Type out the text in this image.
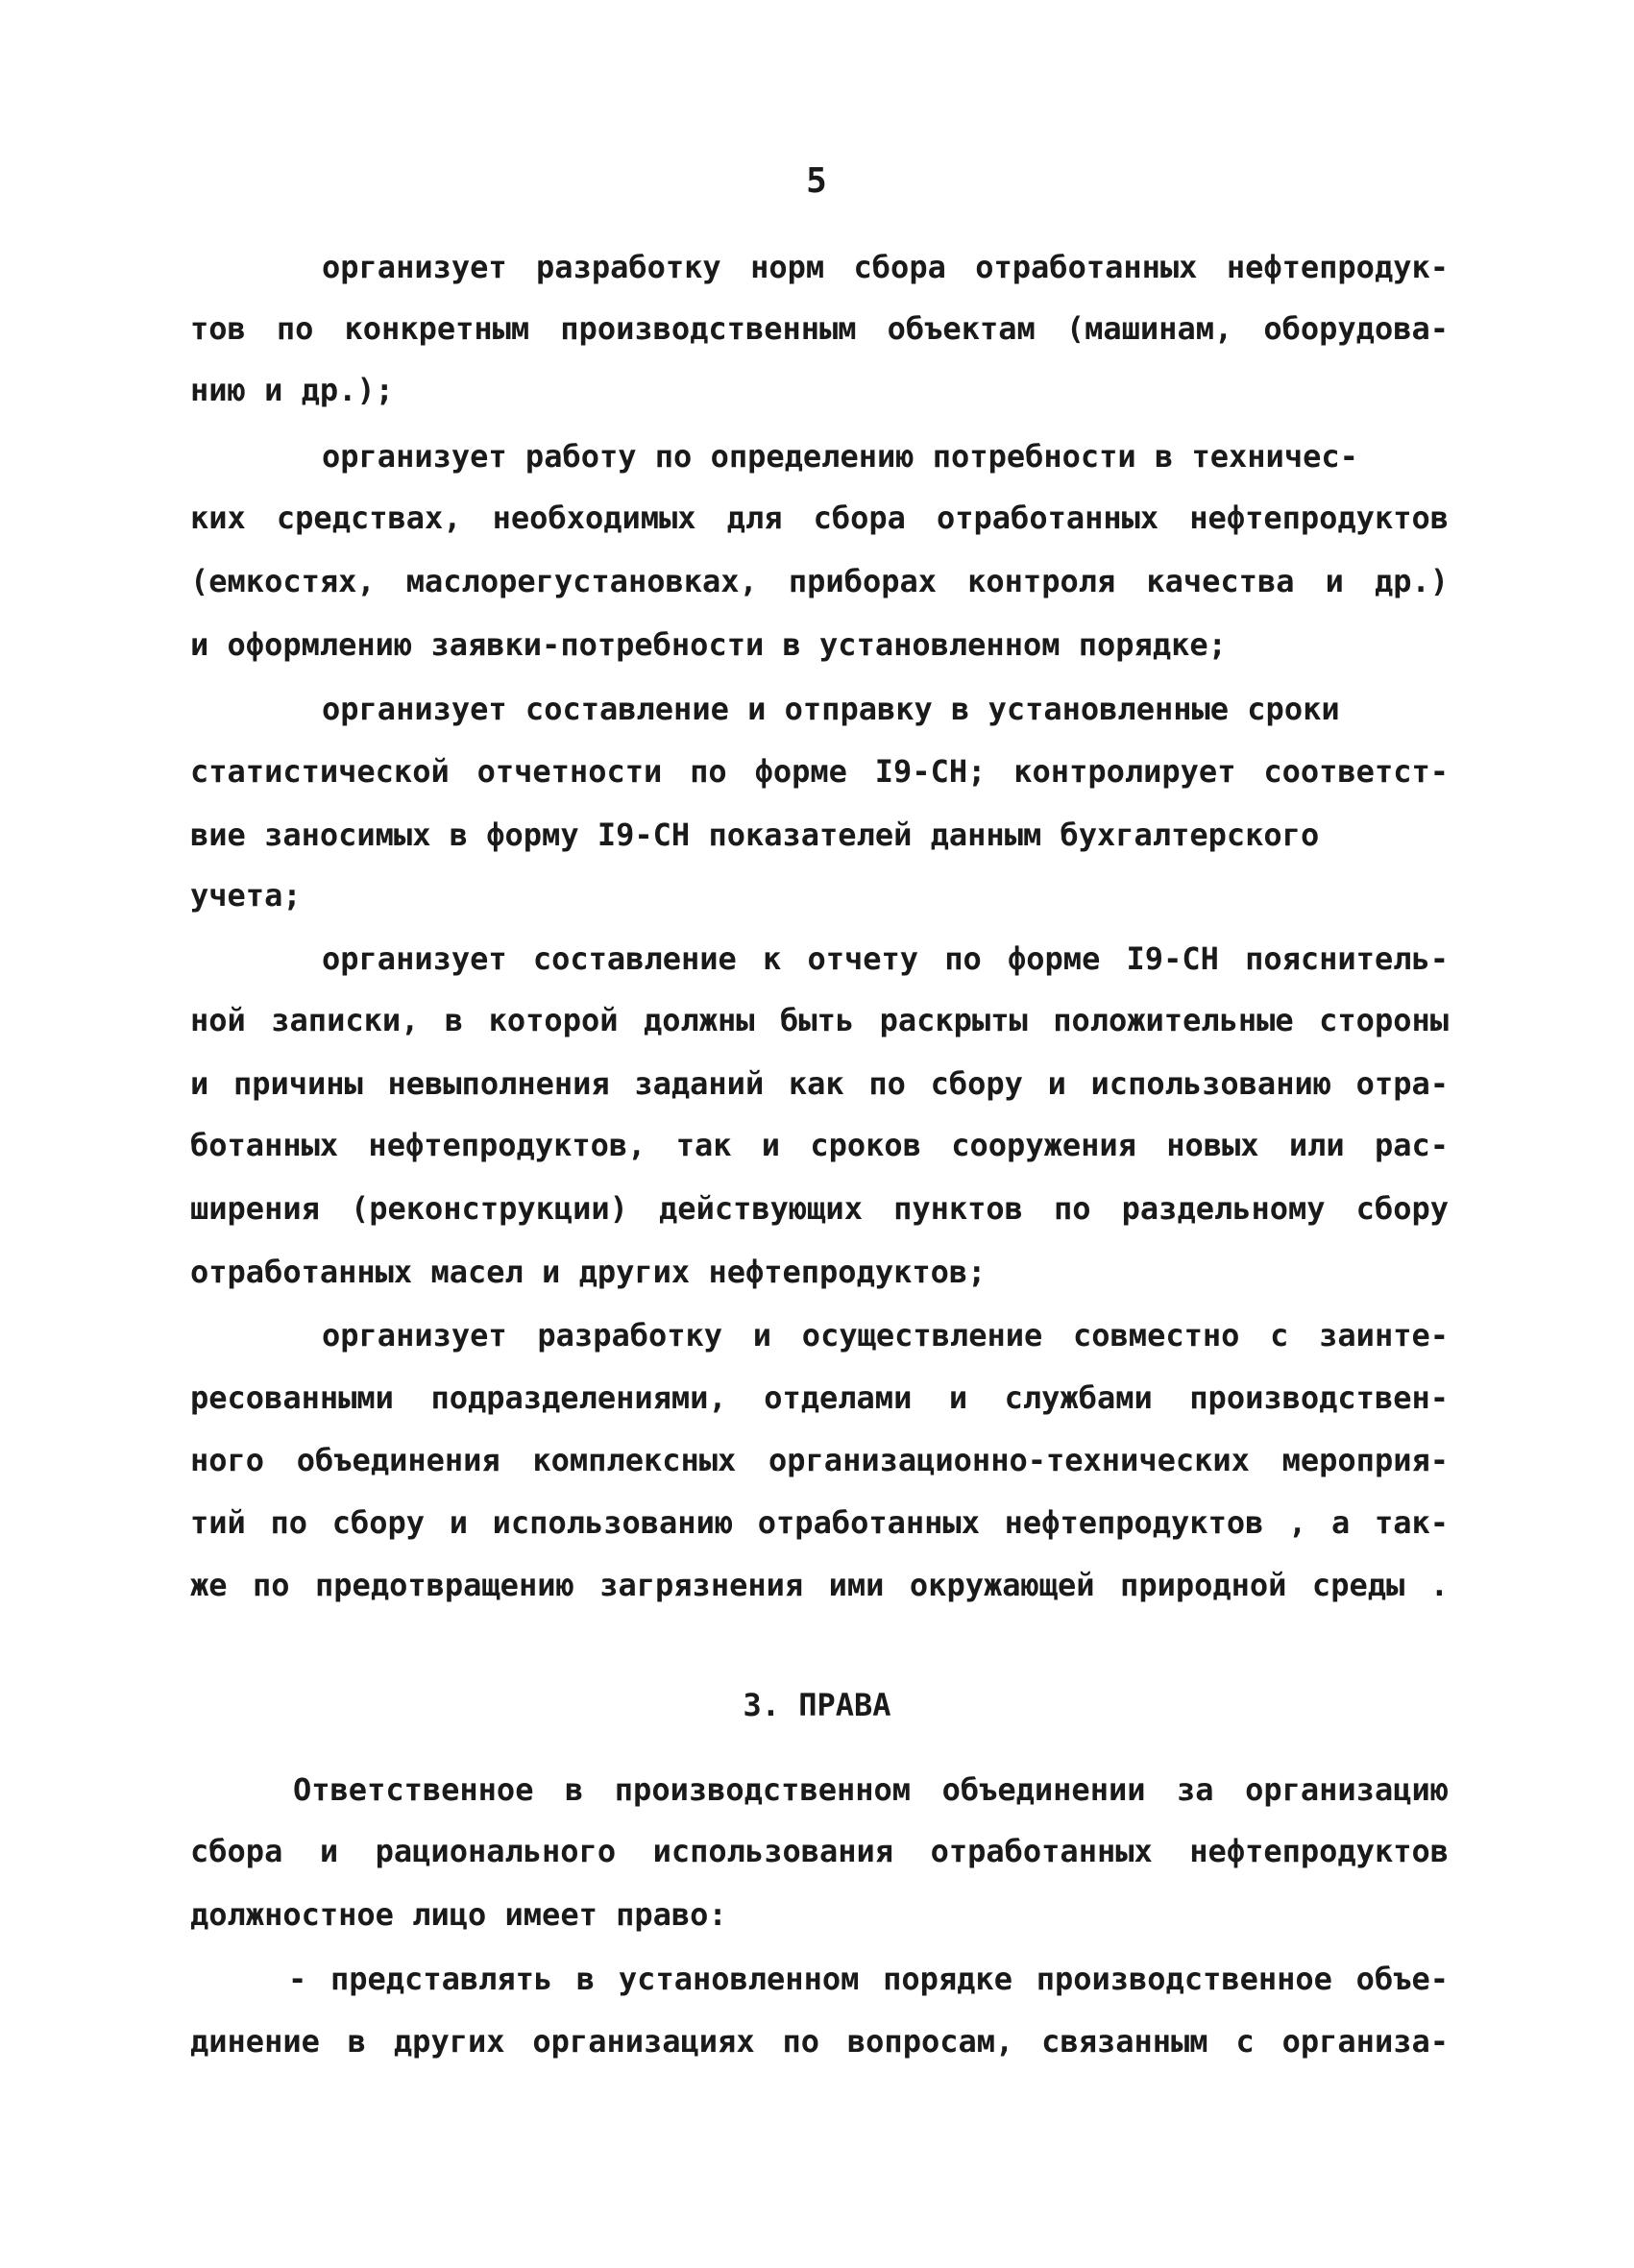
5
организует разработку норм сбора отработанных нефтепродук-
тов по конкретным производственным объектам (машинам, оборудова-
нию и др.);
организует работу по определению потребности в техничес-
ких средствах, необходимых для сбора отработанных нефтепродуктов
(емкостях, маслорегустановках, приборах контроля качества и др.)
и оформлению заявки-потребности в установленном порядке;
организует составление и отправку в установленные сроки
статистической отчетности по форме I9-СН; контролирует соответст-
вие заносимых в форму I9-СН показателей данным бухгалтерского
учета;
организует составление к отчету по форме I9-СН пояснитель-
ной записки, в которой должны быть раскрыты положительные стороны
и причины невыполнения заданий как по сбору и использованию отра-
ботанных нефтепродуктов, так и сроков сооружения новых или рас-
ширения (реконструкции) действующих пунктов по раздельному сбору
отработанных масел и других нефтепродуктов;
организует разработку и осуществление совместно с заинте-
ресованными подразделениями, отделами и службами производствен-
ного объединения комплексных организационно-технических мероприя-
тий по сбору и использованию отработанных нефтепродуктов , а так-
же по предотвращению загрязнения ими окружающей природной среды .
3. ПРАВА
Ответственное в производственном объединении за организацию
сбора и рационального использования отработанных нефтепродуктов
должностное лицо имеет право:
- представлять в установленном порядке производственное объе-
динение в других организациях по вопросам, связанным с организа-
